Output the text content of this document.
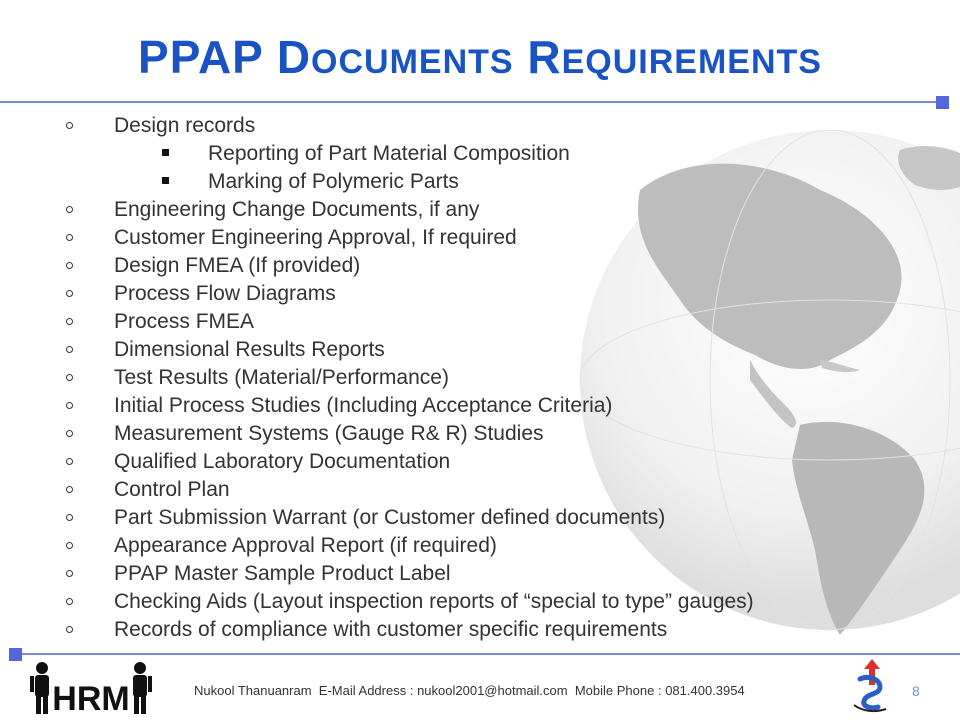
PPAP DOCUMENTS REQUIREMENTS
Design records
Reporting of Part Material Composition
Marking of Polymeric Parts
Engineering Change Documents, if any
Customer Engineering Approval, If required
Design FMEA (If provided)
Process Flow Diagrams
Process FMEA
Dimensional Results Reports
Test Results (Material/Performance)
Initial Process Studies (Including Acceptance Criteria)
Measurement Systems (Gauge R& R) Studies
Qualified Laboratory Documentation
Control Plan
Part Submission Warrant (or Customer defined documents)
Appearance Approval Report (if required)
PPAP Master Sample Product Label
Checking Aids (Layout inspection reports of “special to type” gauges)
Records of compliance with customer specific requirements
HRM	Nukool Thanuanram E-Mail Address : nukool2001@hotmail.com Mobile Phone : 081.400.3954	8
